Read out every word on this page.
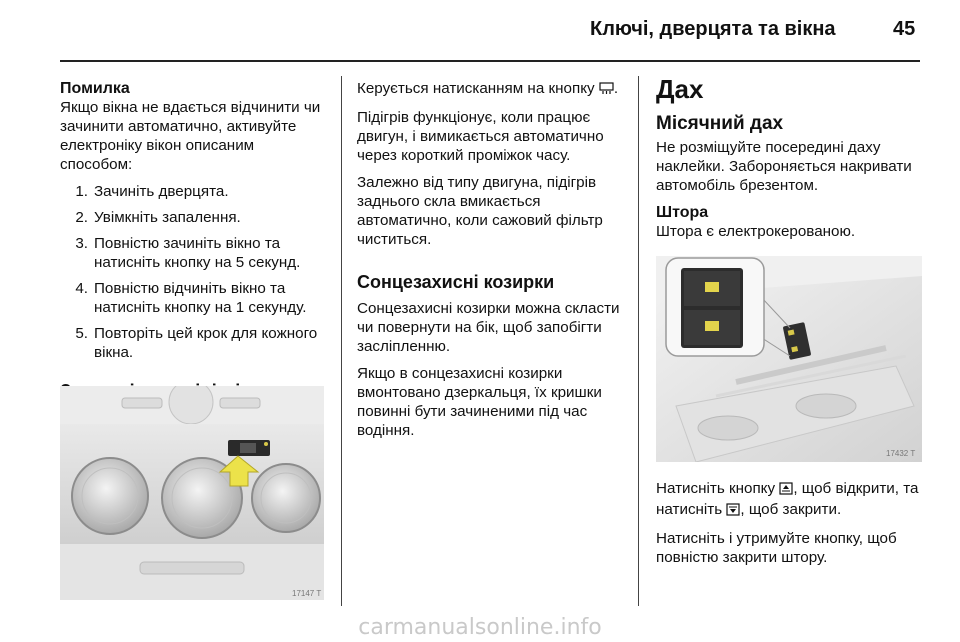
Ключі, дверцята та вікна	45
Помилка

Якщо вікна не вдається відчинити чи зачинити автоматично, активуйте електроніку вікон описаним способом:

1. Зачиніть дверцята.
2. Увімкніть запалення.
3. Повністю зачиніть вікно та натисніть кнопку на 5 секунд.
4. Повністю відчиніть вікно та натисніть кнопку на 1 секунду.
5. Повторіть цей крок для кожного вікна.
17147 T

Керується натисканням на кнопку .

Підігрів функціонує, коли працює двигун, і вимикається автоматично через короткий проміжок часу.

Залежно від типу двигуна, підігрів заднього скла вмикається автоматично, коли сажовий фільтр чиститься.

Сонцезахисні козирки

Сонцезахисні козирки можна скласти чи повернути на бік, щоб запобігти засліпленню.

Якщо в сонцезахисні козирки вмонтовано дзеркальця, їх кришки повинні бути зачиненими під час водіння.

Дах
Місячний дах

Не розміщуйте посередині даху наклейки. Забороняється накривати автомобіль брезентом.

Штора

Штора є електрокерованою.

17432 T

Натисніть кнопку , щоб відкрити, та натисніть , щоб закрити.

Натисніть і утримуйте кнопку, щоб повністю закрити штору.

carmanualsonline.info
